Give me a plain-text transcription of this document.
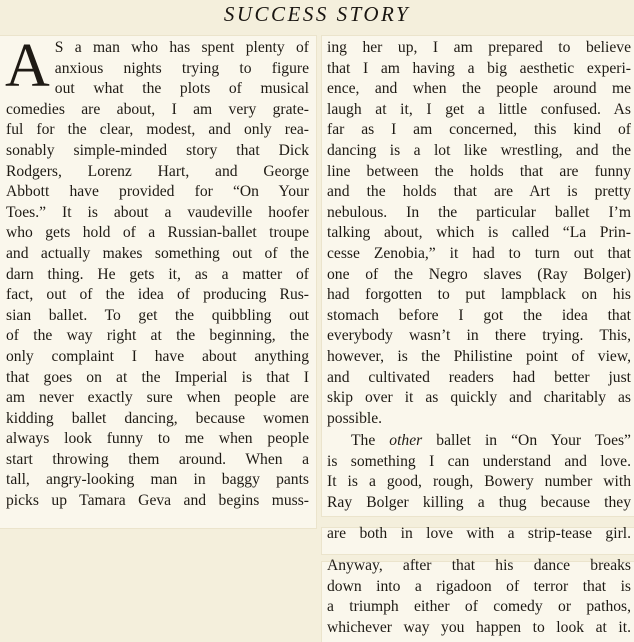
SUCCESS STORY
A S a man who has spent plenty of
anxious nights trying to figure
out what the plots of musical
comedies are about, I am very grate-
ful for the clear, modest, and only rea-
sonably simple-minded story that Dick
Rodgers, Lorenz Hart, and George
Abbott have provided for “On Your
Toes.” It is about a vaudeville hoofer
who gets hold of a Russian-ballet troupe
and actually makes something out of the
darn thing. He gets it, as a matter of
fact, out of the idea of producing Rus-
sian ballet. To get the quibbling out
of the way right at the beginning, the
only complaint I have about anything
that goes on at the Imperial is that I
am never exactly sure when people are
kidding ballet dancing, because women
always look funny to me when people
start throwing them around. When a
tall, angry-looking man in baggy pants
picks up Tamara Geva and begins muss-
ing her up, I am prepared to believe
that I am having a big aesthetic experi-
ence, and when the people around me
laugh at it, I get a little confused. As
far as I am concerned, this kind of
dancing is a lot like wrestling, and the
line between the holds that are funny
and the holds that are Art is pretty
nebulous. In the particular ballet I’m
talking about, which is called “La Prin-
cesse Zenobia,” it had to turn out that
one of the Negro slaves (Ray Bolger)
had forgotten to put lampblack on his
stomach before I got the idea that
everybody wasn’t in there trying. This,
however, is the Philistine point of view,
and cultivated readers had better just
skip over it as quickly and charitably as
possible.
The other ballet in “On Your Toes”
is something I can understand and love.
It is a good, rough, Bowery number with
Ray Bolger killing a thug because they
are both in love with a strip-tease girl.
Anyway, after that his dance breaks
down into a rigadoon of terror that is
a triumph either of comedy or pathos,
whichever way you happen to look at it.
